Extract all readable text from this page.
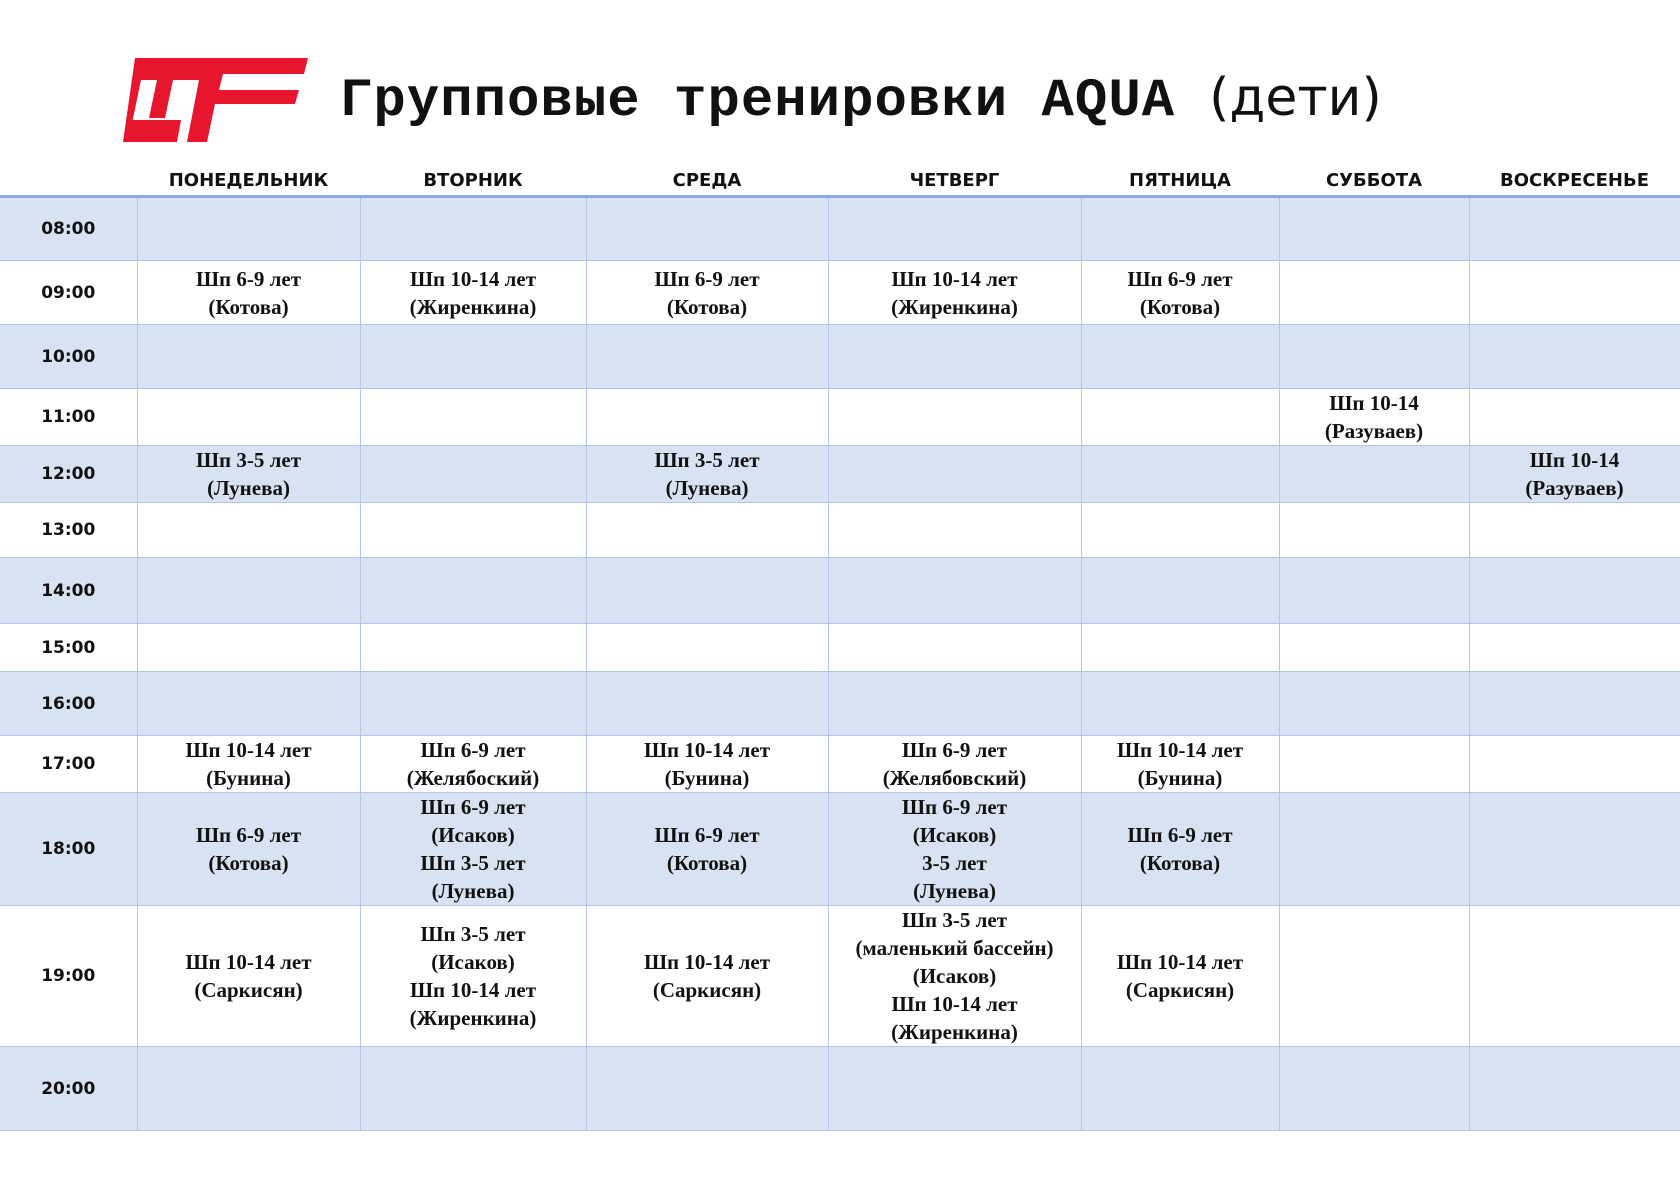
Групповые тренировки AQUA (дети)
	ПОНЕДЕЛЬНИК	ВТОРНИК	СРЕДА	ЧЕТВЕРГ	ПЯТНИЦА	СУББОТА	ВОСКРЕСЕНЬЕ
08:00							
09:00	Шп 6-9 лет
(Котова)	Шп 10-14 лет
(Жиренкина)	Шп 6-9 лет
(Котова)	Шп 10-14 лет
(Жиренкина)	Шп 6-9 лет
(Котова)		

10:00							
11:00						Шп 10-14
(Разуваев)	

12:00	Шп 3-5 лет
(Лунева)		Шп 3-5 лет
(Лунева)				Шп 10-14
(Разуваев)

13:00							
14:00							
15:00							
16:00							
17:00	Шп 10-14 лет
(Бунина)	Шп 6-9 лет
(Желябоский)	Шп 10-14 лет
(Бунина)	Шп 6-9 лет
(Желябовский)	Шп 10-14 лет
(Бунина)		

18:00	Шп 6-9 лет
(Котова)	Шп 6-9 лет
(Исаков)
Шп 3-5 лет
(Лунева)	Шп 6-9 лет
(Котова)	Шп 6-9 лет
(Исаков)
3-5 лет
(Лунева)	Шп 6-9 лет
(Котова)		

19:00	Шп 10-14 лет
(Саркисян)	Шп 3-5 лет
(Исаков)
Шп 10-14 лет
(Жиренкина)	Шп 10-14 лет
(Саркисян)	Шп 3-5 лет
(маленький бассейн)
(Исаков)
Шп 10-14 лет
(Жиренкина)	Шп 10-14 лет
(Саркисян)		

20:00							
